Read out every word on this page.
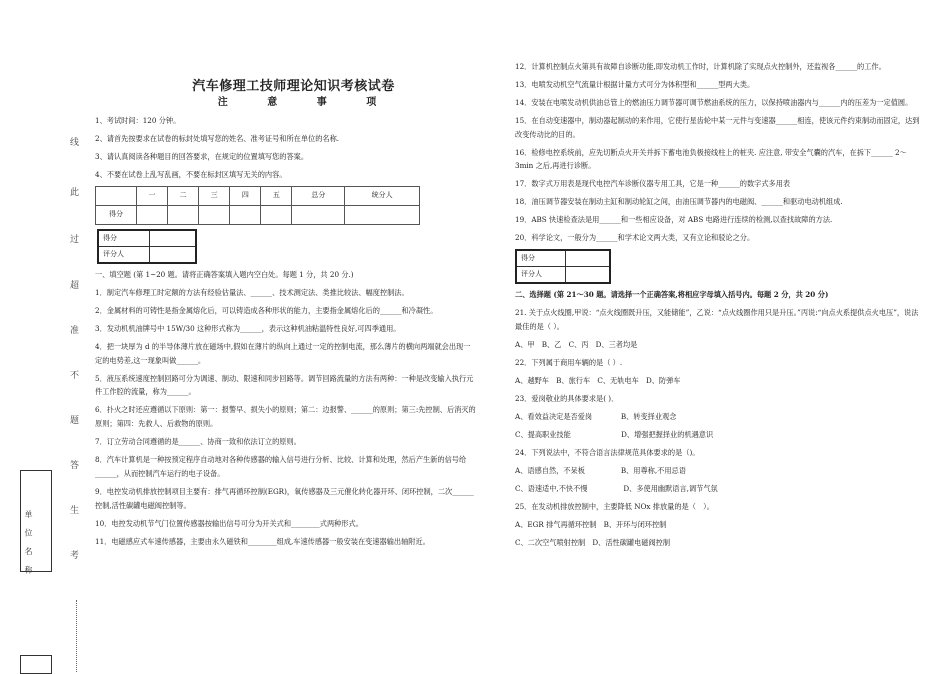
线
此
过
超
准
不
题
答
生
考
单 位 名 称
汽车修理工技师理论知识考核试卷
注 意 事 项
1、考试时间：120 分钟。
2、请首先按要求在试卷的标封处填写您的姓名、准考证号和所在单位的名称.
3、请认真阅读各种题目的回答要求，在规定的位置填写您的答案。
4、不要在试卷上乱写乱画，不要在标封区填写无关的内容。
	一	二	三	四	五	总分	统分人
得分							
得分	
评分人	
一、填空题 (第 1~20 题。请将正确答案填入题内空白处。每题 1 分，共 20 分.)
1．制定汽车修理工时定额的方法有经验估量法、______、技术测定法、类推比较法、幅度控制法。
2．金属材料的可铸性是指金属熔化后，可以铸造成各种形状的能力，主要指金属熔化后的______和冷凝性。
3．发动机机油牌号中 15W/30 这种形式称为______，表示这种机油粘温特性良好,可四季通用。
4．把一块厚为 d 的半导体薄片放在磁场中,假如在薄片的纵向上通过一定的控制电流，那么薄片的横向两端就会出现一定的电势差,这一现象叫做______。
5．液压系统速度控制回路可分为调速、制动、限速和同步回路等。调节回路流量的方法有两种：一种是改变输入执行元件工作腔的流量，称为______。
6．扑火之时还应遵循以下原则：第一：报警早、损失小的原则；第二：边报警、______的原则；第三:先控制、后消灭的原则；第四：先救人、后救物的原则。
7．订立劳动合同遵循的是______、协商一致和依法订立的原则。
8．汽车计算机是一种按预定程序自动地对各种传感器的输入信号进行分析、比较、计算和处理，然后产生新的信号给______，从而控制汽车运行的电子设备。
9．电控发动机排放控制项目主要有：排气再循环控制(EGR)，氧传感器及三元催化转化器开环、闭环控制，二次______控制,活性碳罐电磁阀控制等。
10．电控发动机节气门位置传感器按输出信号可分为开关式和________式两种形式。
11．电磁感应式车速传感器，主要由永久磁铁和________组成,车速传感器一般安装在变速器输出轴附近。
12．计算机控制点火第具有故障自诊断功能,即发动机工作时，计算机除了实现点火控制外，还监视各______的工作。
13．电喷发动机空气流量计根据计量方式可分为体积型和______型两大类。
14．安装在电喷发动机供油总管上的燃油压力调节器可调节燃油系统的压力，以保持喷油器内与______内的压差为一定值圆。
15．在自动变速器中，制动器起制动的来作用，它使行星齿轮中某一元件与变速器______相连，使该元件约束制动而固定，达到改变传动比的目的。
16．检修电控系统前，应先切断点火开关并拆下蓄电池负极接线柱上的桩夹. 应注意, 带安全气囊的汽车，在拆下______ 2～3min 之后,再进行诊断。
17．数字式万用表是现代电控汽车诊断仪器专用工具，它是一种______的数字式多用表
18．油压调节器安装在制动主缸和制动轮缸之间，由油压调节器内的电磁阀、______和驱动电动机组成.
19．ABS 快速检查法是用______和一些相应设备，对 ABS 电路进行连续的检测,以查找故障的方法.
20．科学论文，一般分为______和学术论文两大类，又有立论和驳论之分。
得分	
评分人	
二、选择题 (第 21～30 题。请选择一个正确答案,将相应字母填入括号内。每题 2 分，共 20 分)
21. 关于点火线圈,甲说：“点火线圈既升压，又能储能”，乙说：“点火线圈作用只是升压。”丙说:“向点火系提供点火电压”，说法最佳的是（ ）。
A、甲　B、乙　C、丙　D、三者均是
22．下列属于商用车辆的是（ ）.
A、越野车　B、旅行车　C、无轨电车　D、防弹车
23．爱岗敬业的具体要求是( )．
A、看效益决定是否爱岗　　　　B、转变择业观念
C、提高职业技能　　　　　　　D、增强把握择业的机遇意识
24．下列说法中，不符合语言法律规范具体要求的是（)。
A、语感自然，不呆板　　　　　B、用尊称,不用忌语
C、语速适中,不快不慢　　　　　D、多使用幽默语言,调节气氛
25．在发动机排放控制中，主要降低 NOx 排放量的是（　）。
A、EGR 排气再循环控制　B、开环与闭环控制
C、二次空气喷射控制　D、活性碳罐电磁阀控制
